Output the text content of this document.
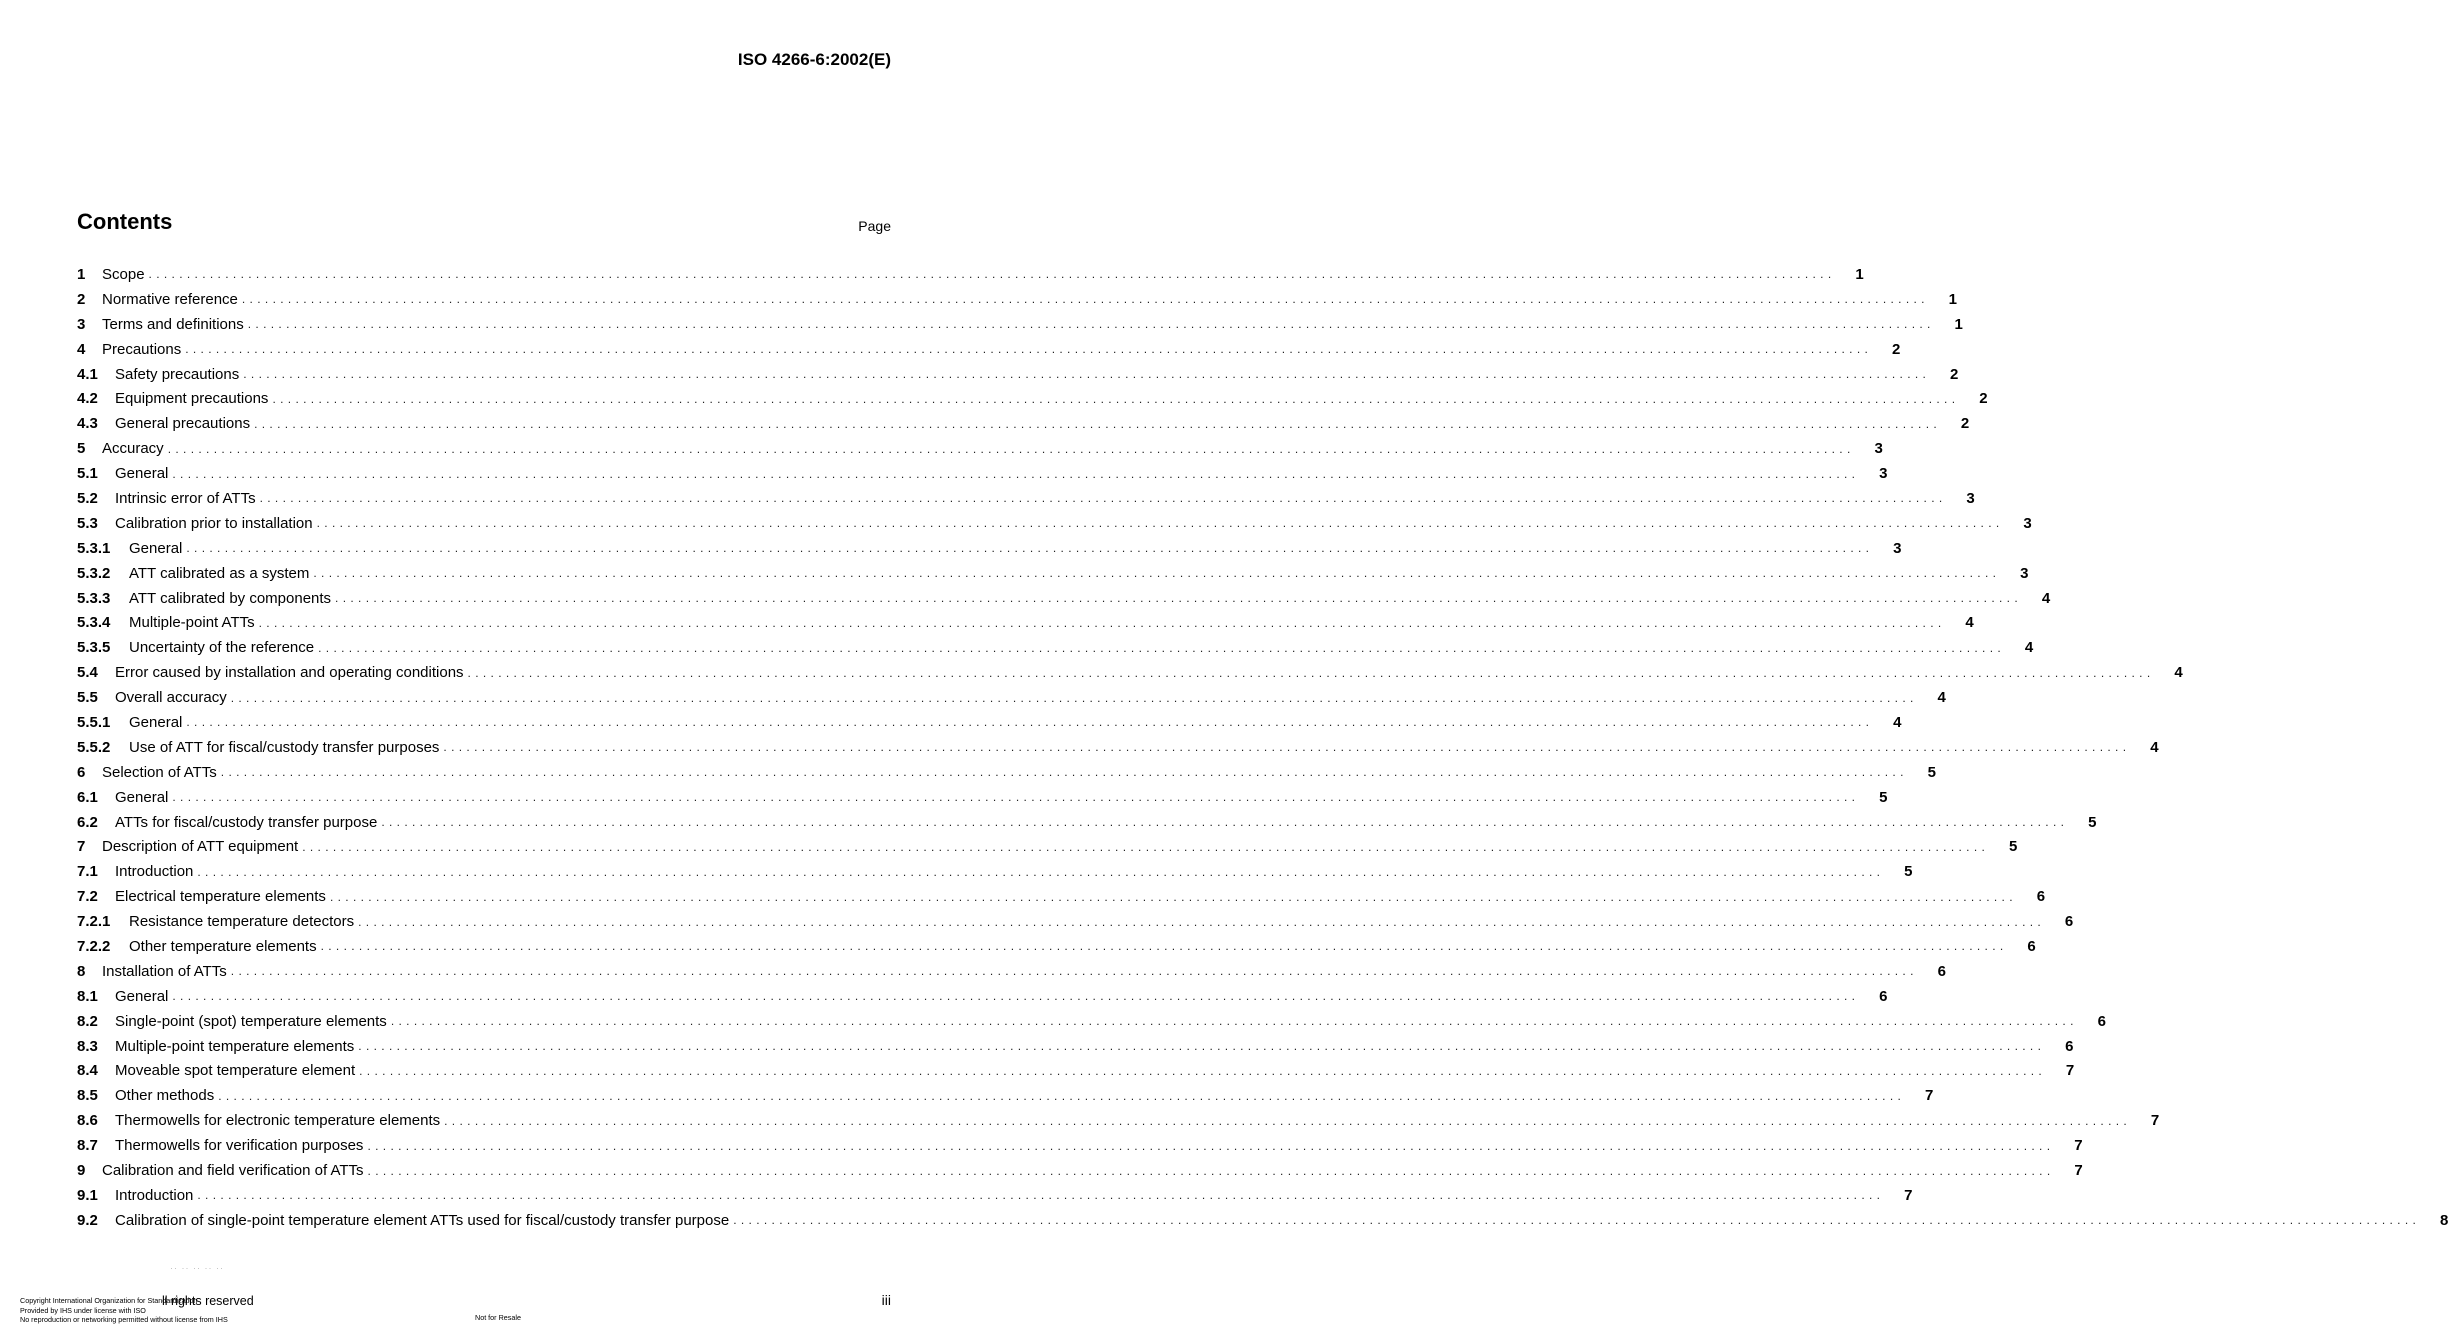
ISO 4266-6:2002(E)
Contents	Page
1	Scope . . . . . . . . . . . . . . . . . . . . . . . . . . . . . . . . . . . . . . . . . . . . . . . . . . . . . . . . . . . . . . . . . . . . . . . . . . . . . . . . . . . . . . . . . . . . . . . . . . . . . . . . . . . . . . . . . . . . . . . . . . . . . . . . . . . . . . . . . . . . . . . . . . . . . . . . . . . . . . . . . . . . . . . . . . . . . . . . . . . . . . . . . . . . . . . . . . . . . . . . . . . . . . . . . . . . . . . . . . . . 1
2	Normative reference . . . . . . . . . . . . . . . . . . . . . . . . . . . . . . . . . . . . . . . . . . . . . . . . . . . . . . . . . . . . . . . . . . . . . . . . . . . . . . . . . . . . . . . . . . . . . . . . . . . . . . . . . . . . . . . . . . . . . . . . . . . . . . . . . . . . . . . . . . . . . . . . . . . . . . . . . . . . . . . . . . . . . . . . . . . . . . . . . . . . . . . . . . . . . . . . . . . . . . . . . . . . . . . . . . . . . . . . . . . . 1
3	Terms and definitions . . . . . . . . . . . . . . . . . . . . . . . . . . . . . . . . . . . . . . . . . . . . . . . . . . . . . . . . . . . . . . . . . . . . . . . . . . . . . . . . . . . . . . . . . . . . . . . . . . . . . . . . . . . . . . . . . . . . . . . . . . . . . . . . . . . . . . . . . . . . . . . . . . . . . . . . . . . . . . . . . . . . . . . . . . . . . . . . . . . . . . . . . . . . . . . . . . . . . . . . . . . . . . . . . . . . . . . . . . . . 1
4	Precautions . . . . . . . . . . . . . . . . . . . . . . . . . . . . . . . . . . . . . . . . . . . . . . . . . . . . . . . . . . . . . . . . . . . . . . . . . . . . . . . . . . . . . . . . . . . . . . . . . . . . . . . . . . . . . . . . . . . . . . . . . . . . . . . . . . . . . . . . . . . . . . . . . . . . . . . . . . . . . . . . . . . . . . . . . . . . . . . . . . . . . . . . . . . . . . . . . . . . . . . . . . . . . . . . . . . . . . . . . . . . 2
4.1	Safety precautions . . . . . . . . . . . . . . . . . . . . . . . . . . . . . . . . . . . . . . . . . . . . . . . . . . . . . . . . . . . . . . . . . . . . . . . . . . . . . . . . . . . . . . . . . . . . . . . . . . . . . . . . . . . . . . . . . . . . . . . . . . . . . . . . . . . . . . . . . . . . . . . . . . . . . . . . . . . . . . . . . . . . . . . . . . . . . . . . . . . . . . . . . . . . . . . . . . . . . . . . . . . . . . . . . . . . . . . . . . . . 2
4.2	Equipment precautions . . . . . . . . . . . . . . . . . . . . . . . . . . . . . . . . . . . . . . . . . . . . . . . . . . . . . . . . . . . . . . . . . . . . . . . . . . . . . . . . . . . . . . . . . . . . . . . . . . . . . . . . . . . . . . . . . . . . . . . . . . . . . . . . . . . . . . . . . . . . . . . . . . . . . . . . . . . . . . . . . . . . . . . . . . . . . . . . . . . . . . . . . . . . . . . . . . . . . . . . . . . . . . . . . . . . . . . . . . . . 2
4.3	General precautions . . . . . . . . . . . . . . . . . . . . . . . . . . . . . . . . . . . . . . . . . . . . . . . . . . . . . . . . . . . . . . . . . . . . . . . . . . . . . . . . . . . . . . . . . . . . . . . . . . . . . . . . . . . . . . . . . . . . . . . . . . . . . . . . . . . . . . . . . . . . . . . . . . . . . . . . . . . . . . . . . . . . . . . . . . . . . . . . . . . . . . . . . . . . . . . . . . . . . . . . . . . . . . . . . . . . . . . . . . . . 2
5	Accuracy . . . . . . . . . . . . . . . . . . . . . . . . . . . . . . . . . . . . . . . . . . . . . . . . . . . . . . . . . . . . . . . . . . . . . . . . . . . . . . . . . . . . . . . . . . . . . . . . . . . . . . . . . . . . . . . . . . . . . . . . . . . . . . . . . . . . . . . . . . . . . . . . . . . . . . . . . . . . . . . . . . . . . . . . . . . . . . . . . . . . . . . . . . . . . . . . . . . . . . . . . . . . . . . . . . . . . . . . . . . . 3
5.1	General . . . . . . . . . . . . . . . . . . . . . . . . . . . . . . . . . . . . . . . . . . . . . . . . . . . . . . . . . . . . . . . . . . . . . . . . . . . . . . . . . . . . . . . . . . . . . . . . . . . . . . . . . . . . . . . . . . . . . . . . . . . . . . . . . . . . . . . . . . . . . . . . . . . . . . . . . . . . . . . . . . . . . . . . . . . . . . . . . . . . . . . . . . . . . . . . . . . . . . . . . . . . . . . . . . . . . . . . . . . . 3
5.2	Intrinsic error of ATTs . . . . . . . . . . . . . . . . . . . . . . . . . . . . . . . . . . . . . . . . . . . . . . . . . . . . . . . . . . . . . . . . . . . . . . . . . . . . . . . . . . . . . . . . . . . . . . . . . . . . . . . . . . . . . . . . . . . . . . . . . . . . . . . . . . . . . . . . . . . . . . . . . . . . . . . . . . . . . . . . . . . . . . . . . . . . . . . . . . . . . . . . . . . . . . . . . . . . . . . . . . . . . . . . . . . . . . . . . . . . 3
5.3	Calibration prior to installation . . . . . . . . . . . . . . . . . . . . . . . . . . . . . . . . . . . . . . . . . . . . . . . . . . . . . . . . . . . . . . . . . . . . . . . . . . . . . . . . . . . . . . . . . . . . . . . . . . . . . . . . . . . . . . . . . . . . . . . . . . . . . . . . . . . . . . . . . . . . . . . . . . . . . . . . . . . . . . . . . . . . . . . . . . . . . . . . . . . . . . . . . . . . . . . . . . . . . . . . . . . . . . . . . . . . . . . . . . . . 3
5.3.1	General . . . . . . . . . . . . . . . . . . . . . . . . . . . . . . . . . . . . . . . . . . . . . . . . . . . . . . . . . . . . . . . . . . . . . . . . . . . . . . . . . . . . . . . . . . . . . . . . . . . . . . . . . . . . . . . . . . . . . . . . . . . . . . . . . . . . . . . . . . . . . . . . . . . . . . . . . . . . . . . . . . . . . . . . . . . . . . . . . . . . . . . . . . . . . . . . . . . . . . . . . . . . . . . . . . . . . . . . . . . . 3
5.3.2	ATT calibrated as a system . . . . . . . . . . . . . . . . . . . . . . . . . . . . . . . . . . . . . . . . . . . . . . . . . . . . . . . . . . . . . . . . . . . . . . . . . . . . . . . . . . . . . . . . . . . . . . . . . . . . . . . . . . . . . . . . . . . . . . . . . . . . . . . . . . . . . . . . . . . . . . . . . . . . . . . . . . . . . . . . . . . . . . . . . . . . . . . . . . . . . . . . . . . . . . . . . . . . . . . . . . . . . . . . . . . . . . . . . . . . 3
5.3.3	ATT calibrated by components . . . . . . . . . . . . . . . . . . . . . . . . . . . . . . . . . . . . . . . . . . . . . . . . . . . . . . . . . . . . . . . . . . . . . . . . . . . . . . . . . . . . . . . . . . . . . . . . . . . . . . . . . . . . . . . . . . . . . . . . . . . . . . . . . . . . . . . . . . . . . . . . . . . . . . . . . . . . . . . . . . . . . . . . . . . . . . . . . . . . . . . . . . . . . . . . . . . . . . . . . . . . . . . . . . . . . . . . . . . . 4
5.3.4	Multiple-point ATTs . . . . . . . . . . . . . . . . . . . . . . . . . . . . . . . . . . . . . . . . . . . . . . . . . . . . . . . . . . . . . . . . . . . . . . . . . . . . . . . . . . . . . . . . . . . . . . . . . . . . . . . . . . . . . . . . . . . . . . . . . . . . . . . . . . . . . . . . . . . . . . . . . . . . . . . . . . . . . . . . . . . . . . . . . . . . . . . . . . . . . . . . . . . . . . . . . . . . . . . . . . . . . . . . . . . . . . . . . . . . 4
5.3.5	Uncertainty of the reference . . . . . . . . . . . . . . . . . . . . . . . . . . . . . . . . . . . . . . . . . . . . . . . . . . . . . . . . . . . . . . . . . . . . . . . . . . . . . . . . . . . . . . . . . . . . . . . . . . . . . . . . . . . . . . . . . . . . . . . . . . . . . . . . . . . . . . . . . . . . . . . . . . . . . . . . . . . . . . . . . . . . . . . . . . . . . . . . . . . . . . . . . . . . . . . . . . . . . . . . . . . . . . . . . . . . . . . . . . . . 4
5.4	Error caused by installation and operating conditions . . . . . . . . . . . . . . . . . . . . . . . . . . . . . . . . . . . . . . . . . . . . . . . . . . . . . . . . . . . . . . . . . . . . . . . . . . . . . . . . . . . . . . . . . . . . . . . . . . . . . . . . . . . . . . . . . . . . . . . . . . . . . . . . . . . . . . . . . . . . . . . . . . . . . . . . . . . . . . . . . . . . . . . . . . . . . . . . . . . . . . . . . . . . . . . . . . . . . . . . . . . . . . . . . . . . . . . . . . . . 4
5.5	Overall accuracy . . . . . . . . . . . . . . . . . . . . . . . . . . . . . . . . . . . . . . . . . . . . . . . . . . . . . . . . . . . . . . . . . . . . . . . . . . . . . . . . . . . . . . . . . . . . . . . . . . . . . . . . . . . . . . . . . . . . . . . . . . . . . . . . . . . . . . . . . . . . . . . . . . . . . . . . . . . . . . . . . . . . . . . . . . . . . . . . . . . . . . . . . . . . . . . . . . . . . . . . . . . . . . . . . . . . . . . . . . . . 4
5.5.1	General . . . . . . . . . . . . . . . . . . . . . . . . . . . . . . . . . . . . . . . . . . . . . . . . . . . . . . . . . . . . . . . . . . . . . . . . . . . . . . . . . . . . . . . . . . . . . . . . . . . . . . . . . . . . . . . . . . . . . . . . . . . . . . . . . . . . . . . . . . . . . . . . . . . . . . . . . . . . . . . . . . . . . . . . . . . . . . . . . . . . . . . . . . . . . . . . . . . . . . . . . . . . . . . . . . . . . . . . . . . . 4
5.5.2	Use of ATT for fiscal/custody transfer purposes . . . . . . . . . . . . . . . . . . . . . . . . . . . . . . . . . . . . . . . . . . . . . . . . . . . . . . . . . . . . . . . . . . . . . . . . . . . . . . . . . . . . . . . . . . . . . . . . . . . . . . . . . . . . . . . . . . . . . . . . . . . . . . . . . . . . . . . . . . . . . . . . . . . . . . . . . . . . . . . . . . . . . . . . . . . . . . . . . . . . . . . . . . . . . . . . . . . . . . . . . . . . . . . . . . . . . . . . . . . . 4
6	Selection of ATTs . . . . . . . . . . . . . . . . . . . . . . . . . . . . . . . . . . . . . . . . . . . . . . . . . . . . . . . . . . . . . . . . . . . . . . . . . . . . . . . . . . . . . . . . . . . . . . . . . . . . . . . . . . . . . . . . . . . . . . . . . . . . . . . . . . . . . . . . . . . . . . . . . . . . . . . . . . . . . . . . . . . . . . . . . . . . . . . . . . . . . . . . . . . . . . . . . . . . . . . . . . . . . . . . . . . . . . . . . . . . 5
6.1	General . . . . . . . . . . . . . . . . . . . . . . . . . . . . . . . . . . . . . . . . . . . . . . . . . . . . . . . . . . . . . . . . . . . . . . . . . . . . . . . . . . . . . . . . . . . . . . . . . . . . . . . . . . . . . . . . . . . . . . . . . . . . . . . . . . . . . . . . . . . . . . . . . . . . . . . . . . . . . . . . . . . . . . . . . . . . . . . . . . . . . . . . . . . . . . . . . . . . . . . . . . . . . . . . . . . . . . . . . . . . 5
6.2	ATTs for fiscal/custody transfer purpose . . . . . . . . . . . . . . . . . . . . . . . . . . . . . . . . . . . . . . . . . . . . . . . . . . . . . . . . . . . . . . . . . . . . . . . . . . . . . . . . . . . . . . . . . . . . . . . . . . . . . . . . . . . . . . . . . . . . . . . . . . . . . . . . . . . . . . . . . . . . . . . . . . . . . . . . . . . . . . . . . . . . . . . . . . . . . . . . . . . . . . . . . . . . . . . . . . . . . . . . . . . . . . . . . . . . . . . . . . . . 5
7	Description of ATT equipment . . . . . . . . . . . . . . . . . . . . . . . . . . . . . . . . . . . . . . . . . . . . . . . . . . . . . . . . . . . . . . . . . . . . . . . . . . . . . . . . . . . . . . . . . . . . . . . . . . . . . . . . . . . . . . . . . . . . . . . . . . . . . . . . . . . . . . . . . . . . . . . . . . . . . . . . . . . . . . . . . . . . . . . . . . . . . . . . . . . . . . . . . . . . . . . . . . . . . . . . . . . . . . . . . . . . . . . . . . . . 5
7.1	Introduction . . . . . . . . . . . . . . . . . . . . . . . . . . . . . . . . . . . . . . . . . . . . . . . . . . . . . . . . . . . . . . . . . . . . . . . . . . . . . . . . . . . . . . . . . . . . . . . . . . . . . . . . . . . . . . . . . . . . . . . . . . . . . . . . . . . . . . . . . . . . . . . . . . . . . . . . . . . . . . . . . . . . . . . . . . . . . . . . . . . . . . . . . . . . . . . . . . . . . . . . . . . . . . . . . . . . . . . . . . . . 5
7.2	Electrical temperature elements . . . . . . . . . . . . . . . . . . . . . . . . . . . . . . . . . . . . . . . . . . . . . . . . . . . . . . . . . . . . . . . . . . . . . . . . . . . . . . . . . . . . . . . . . . . . . . . . . . . . . . . . . . . . . . . . . . . . . . . . . . . . . . . . . . . . . . . . . . . . . . . . . . . . . . . . . . . . . . . . . . . . . . . . . . . . . . . . . . . . . . . . . . . . . . . . . . . . . . . . . . . . . . . . . . . . . . . . . . . . 6
7.2.1	Resistance temperature detectors . . . . . . . . . . . . . . . . . . . . . . . . . . . . . . . . . . . . . . . . . . . . . . . . . . . . . . . . . . . . . . . . . . . . . . . . . . . . . . . . . . . . . . . . . . . . . . . . . . . . . . . . . . . . . . . . . . . . . . . . . . . . . . . . . . . . . . . . . . . . . . . . . . . . . . . . . . . . . . . . . . . . . . . . . . . . . . . . . . . . . . . . . . . . . . . . . . . . . . . . . . . . . . . . . . . . . . . . . . . . 6
7.2.2	Other temperature elements . . . . . . . . . . . . . . . . . . . . . . . . . . . . . . . . . . . . . . . . . . . . . . . . . . . . . . . . . . . . . . . . . . . . . . . . . . . . . . . . . . . . . . . . . . . . . . . . . . . . . . . . . . . . . . . . . . . . . . . . . . . . . . . . . . . . . . . . . . . . . . . . . . . . . . . . . . . . . . . . . . . . . . . . . . . . . . . . . . . . . . . . . . . . . . . . . . . . . . . . . . . . . . . . . . . . . . . . . . . . 6
8	Installation of ATTs . . . . . . . . . . . . . . . . . . . . . . . . . . . . . . . . . . . . . . . . . . . . . . . . . . . . . . . . . . . . . . . . . . . . . . . . . . . . . . . . . . . . . . . . . . . . . . . . . . . . . . . . . . . . . . . . . . . . . . . . . . . . . . . . . . . . . . . . . . . . . . . . . . . . . . . . . . . . . . . . . . . . . . . . . . . . . . . . . . . . . . . . . . . . . . . . . . . . . . . . . . . . . . . . . . . . . . . . . . . . 6
8.1	General . . . . . . . . . . . . . . . . . . . . . . . . . . . . . . . . . . . . . . . . . . . . . . . . . . . . . . . . . . . . . . . . . . . . . . . . . . . . . . . . . . . . . . . . . . . . . . . . . . . . . . . . . . . . . . . . . . . . . . . . . . . . . . . . . . . . . . . . . . . . . . . . . . . . . . . . . . . . . . . . . . . . . . . . . . . . . . . . . . . . . . . . . . . . . . . . . . . . . . . . . . . . . . . . . . . . . . . . . . . . 6
8.2	Single-point (spot) temperature elements . . . . . . . . . . . . . . . . . . . . . . . . . . . . . . . . . . . . . . . . . . . . . . . . . . . . . . . . . . . . . . . . . . . . . . . . . . . . . . . . . . . . . . . . . . . . . . . . . . . . . . . . . . . . . . . . . . . . . . . . . . . . . . . . . . . . . . . . . . . . . . . . . . . . . . . . . . . . . . . . . . . . . . . . . . . . . . . . . . . . . . . . . . . . . . . . . . . . . . . . . . . . . . . . . . . . . . . . . . . . 6
8.3	Multiple-point temperature elements . . . . . . . . . . . . . . . . . . . . . . . . . . . . . . . . . . . . . . . . . . . . . . . . . . . . . . . . . . . . . . . . . . . . . . . . . . . . . . . . . . . . . . . . . . . . . . . . . . . . . . . . . . . . . . . . . . . . . . . . . . . . . . . . . . . . . . . . . . . . . . . . . . . . . . . . . . . . . . . . . . . . . . . . . . . . . . . . . . . . . . . . . . . . . . . . . . . . . . . . . . . . . . . . . . . . . . . . . . . . 6
8.4	Moveable spot temperature element . . . . . . . . . . . . . . . . . . . . . . . . . . . . . . . . . . . . . . . . . . . . . . . . . . . . . . . . . . . . . . . . . . . . . . . . . . . . . . . . . . . . . . . . . . . . . . . . . . . . . . . . . . . . . . . . . . . . . . . . . . . . . . . . . . . . . . . . . . . . . . . . . . . . . . . . . . . . . . . . . . . . . . . . . . . . . . . . . . . . . . . . . . . . . . . . . . . . . . . . . . . . . . . . . . . . . . . . . . . . 7
8.5	Other methods . . . . . . . . . . . . . . . . . . . . . . . . . . . . . . . . . . . . . . . . . . . . . . . . . . . . . . . . . . . . . . . . . . . . . . . . . . . . . . . . . . . . . . . . . . . . . . . . . . . . . . . . . . . . . . . . . . . . . . . . . . . . . . . . . . . . . . . . . . . . . . . . . . . . . . . . . . . . . . . . . . . . . . . . . . . . . . . . . . . . . . . . . . . . . . . . . . . . . . . . . . . . . . . . . . . . . . . . . . . . 7
8.6	Thermowells for electronic temperature elements . . . . . . . . . . . . . . . . . . . . . . . . . . . . . . . . . . . . . . . . . . . . . . . . . . . . . . . . . . . . . . . . . . . . . . . . . . . . . . . . . . . . . . . . . . . . . . . . . . . . . . . . . . . . . . . . . . . . . . . . . . . . . . . . . . . . . . . . . . . . . . . . . . . . . . . . . . . . . . . . . . . . . . . . . . . . . . . . . . . . . . . . . . . . . . . . . . . . . . . . . . . . . . . . . . . . . . . . . . . . 7
8.7	Thermowells for verification purposes . . . . . . . . . . . . . . . . . . . . . . . . . . . . . . . . . . . . . . . . . . . . . . . . . . . . . . . . . . . . . . . . . . . . . . . . . . . . . . . . . . . . . . . . . . . . . . . . . . . . . . . . . . . . . . . . . . . . . . . . . . . . . . . . . . . . . . . . . . . . . . . . . . . . . . . . . . . . . . . . . . . . . . . . . . . . . . . . . . . . . . . . . . . . . . . . . . . . . . . . . . . . . . . . . . . . . . . . . . . . 7
9	Calibration and field verification of ATTs . . . . . . . . . . . . . . . . . . . . . . . . . . . . . . . . . . . . . . . . . . . . . . . . . . . . . . . . . . . . . . . . . . . . . . . . . . . . . . . . . . . . . . . . . . . . . . . . . . . . . . . . . . . . . . . . . . . . . . . . . . . . . . . . . . . . . . . . . . . . . . . . . . . . . . . . . . . . . . . . . . . . . . . . . . . . . . . . . . . . . . . . . . . . . . . . . . . . . . . . . . . . . . . . . . . . . . . . . . . . 7
9.1	Introduction . . . . . . . . . . . . . . . . . . . . . . . . . . . . . . . . . . . . . . . . . . . . . . . . . . . . . . . . . . . . . . . . . . . . . . . . . . . . . . . . . . . . . . . . . . . . . . . . . . . . . . . . . . . . . . . . . . . . . . . . . . . . . . . . . . . . . . . . . . . . . . . . . . . . . . . . . . . . . . . . . . . . . . . . . . . . . . . . . . . . . . . . . . . . . . . . . . . . . . . . . . . . . . . . . . . . . . . . . . . . 7
9.2	Calibration of single-point temperature element ATTs used for fiscal/custody transfer purpose . . . . . . . . . . . . . . . . . . . . . . . . . . . . . . . . . . . . . . . . . . . . . . . . . . . . . . . . . . . . . . . . . . . . . . . . . . . . . . . . . . . . . . . . . . . . . . . . . . . . . . . . . . . . . . . . . . . . . . . . . . . . . . . . . . . . . . . . . . . . . . . . . . . . . . . . . . . . . . . . . . . . . . . . . . . . . . . . . . . . . . . . . . . . . . . . . . . . . . . . . . . . . . . . . . . . . . . . . . . . 8
·· ·· ·· ·· ··
Copyright International Organization for Standardization
Provided by IHS under license with ISO
No reproduction or networking permitted without license from IHS
ll rights reserved
Not for Resale
iii
